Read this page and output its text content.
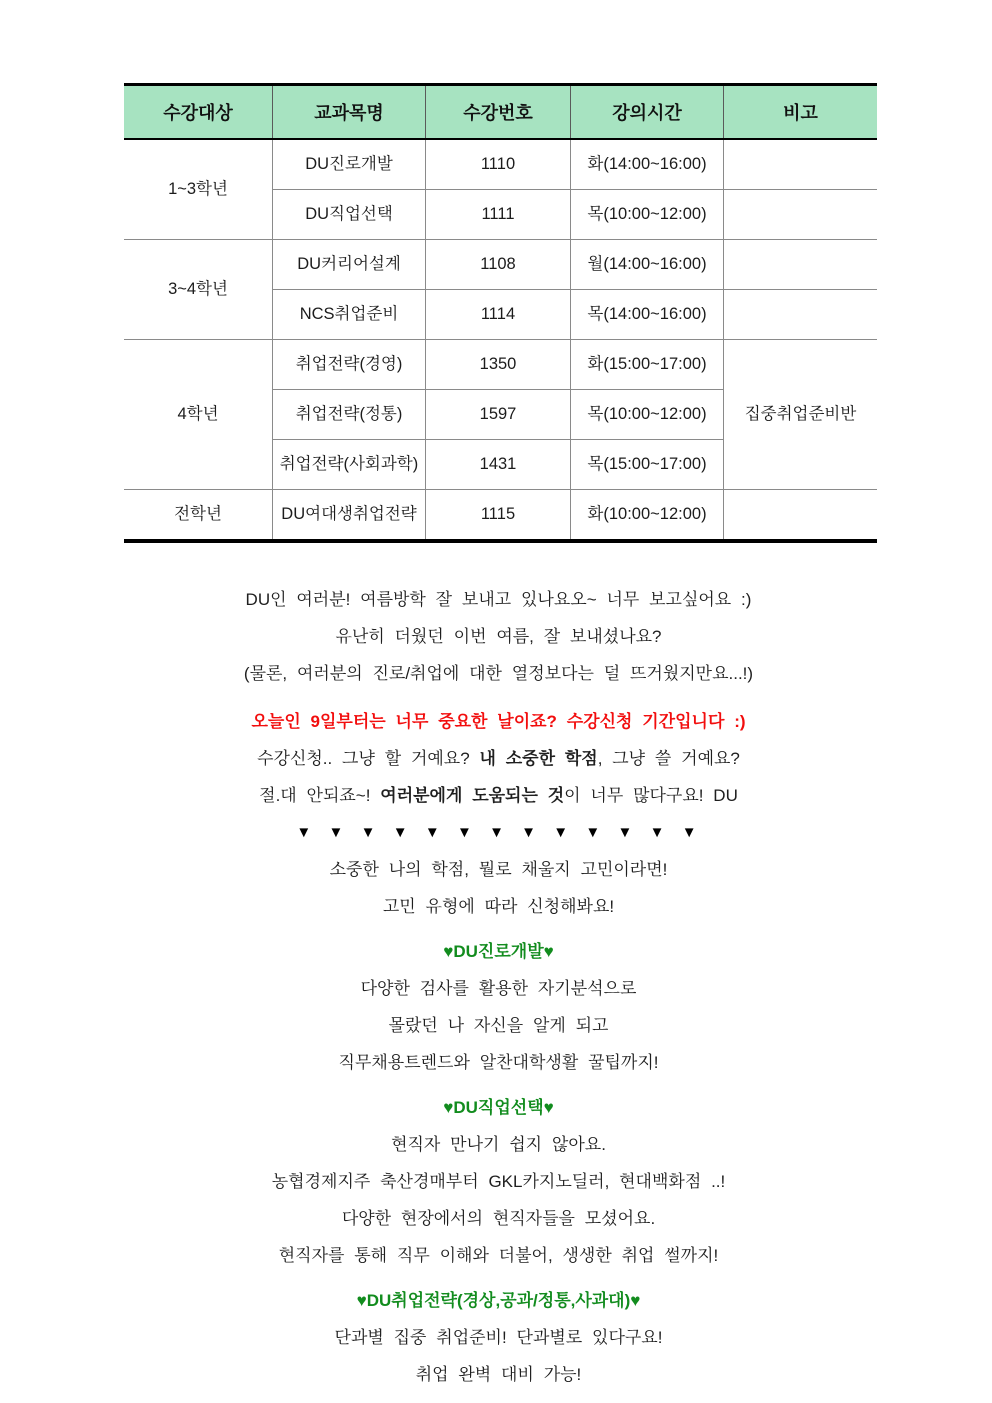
수강대상	교과목명	수강번호	강의시간	비고
1~3학년	DU진로개발	1110	화(14:00~16:00)	
	DU직업선택	1111	목(10:00~12:00)	
3~4학년	DU커리어설계	1108	월(14:00~16:00)	
	NCS취업준비	1114	목(14:00~16:00)	
4학년	취업전략(경영)	1350	화(15:00~17:00)	집중취업준비반
	취업전략(정통)	1597	목(10:00~12:00)	
	취업전략(사회과학)	1431	목(15:00~17:00)	
전학년	DU여대생취업전략	1115	화(10:00~12:00)	
DU인 여러분! 여름방학 잘 보내고 있나요오~ 너무 보고싶어요 :)
유난히 더웠던 이번 여름, 잘 보내셨나요?
(물론, 여러분의 진로/취업에 대한 열정보다는 덜 뜨거웠지만요...!)
오늘인 9일부터는 너무 중요한 날이죠? 수강신청 기간입니다 :)
수강신청.. 그냥 할 거예요? 내 소중한 학점, 그냥 쓸 거예요?
절.대 안되죠~! 여러분에게 도움되는 것이 너무 많다구요! DU
▼ ▼ ▼ ▼ ▼ ▼ ▼ ▼ ▼ ▼ ▼ ▼ ▼
소중한 나의 학점, 뭘로 채울지 고민이라면!
고민 유형에 따라 신청해봐요!
♥DU진로개발♥
다양한 검사를 활용한 자기분석으로
몰랐던 나 자신을 알게 되고
직무채용트렌드와 알찬대학생활 꿀팁까지!
♥DU직업선택♥
현직자 만나기 쉽지 않아요.
농협경제지주 축산경매부터 GKL카지노딜러, 현대백화점 ..!
다양한 현장에서의 현직자들을 모셨어요.
현직자를 통해 직무 이해와 더불어, 생생한 취업 썰까지!
♥DU취업전략(경상,공과/정통,사과대)♥
단과별 집중 취업준비! 단과별로 있다구요!
취업 완벽 대비 가능!
